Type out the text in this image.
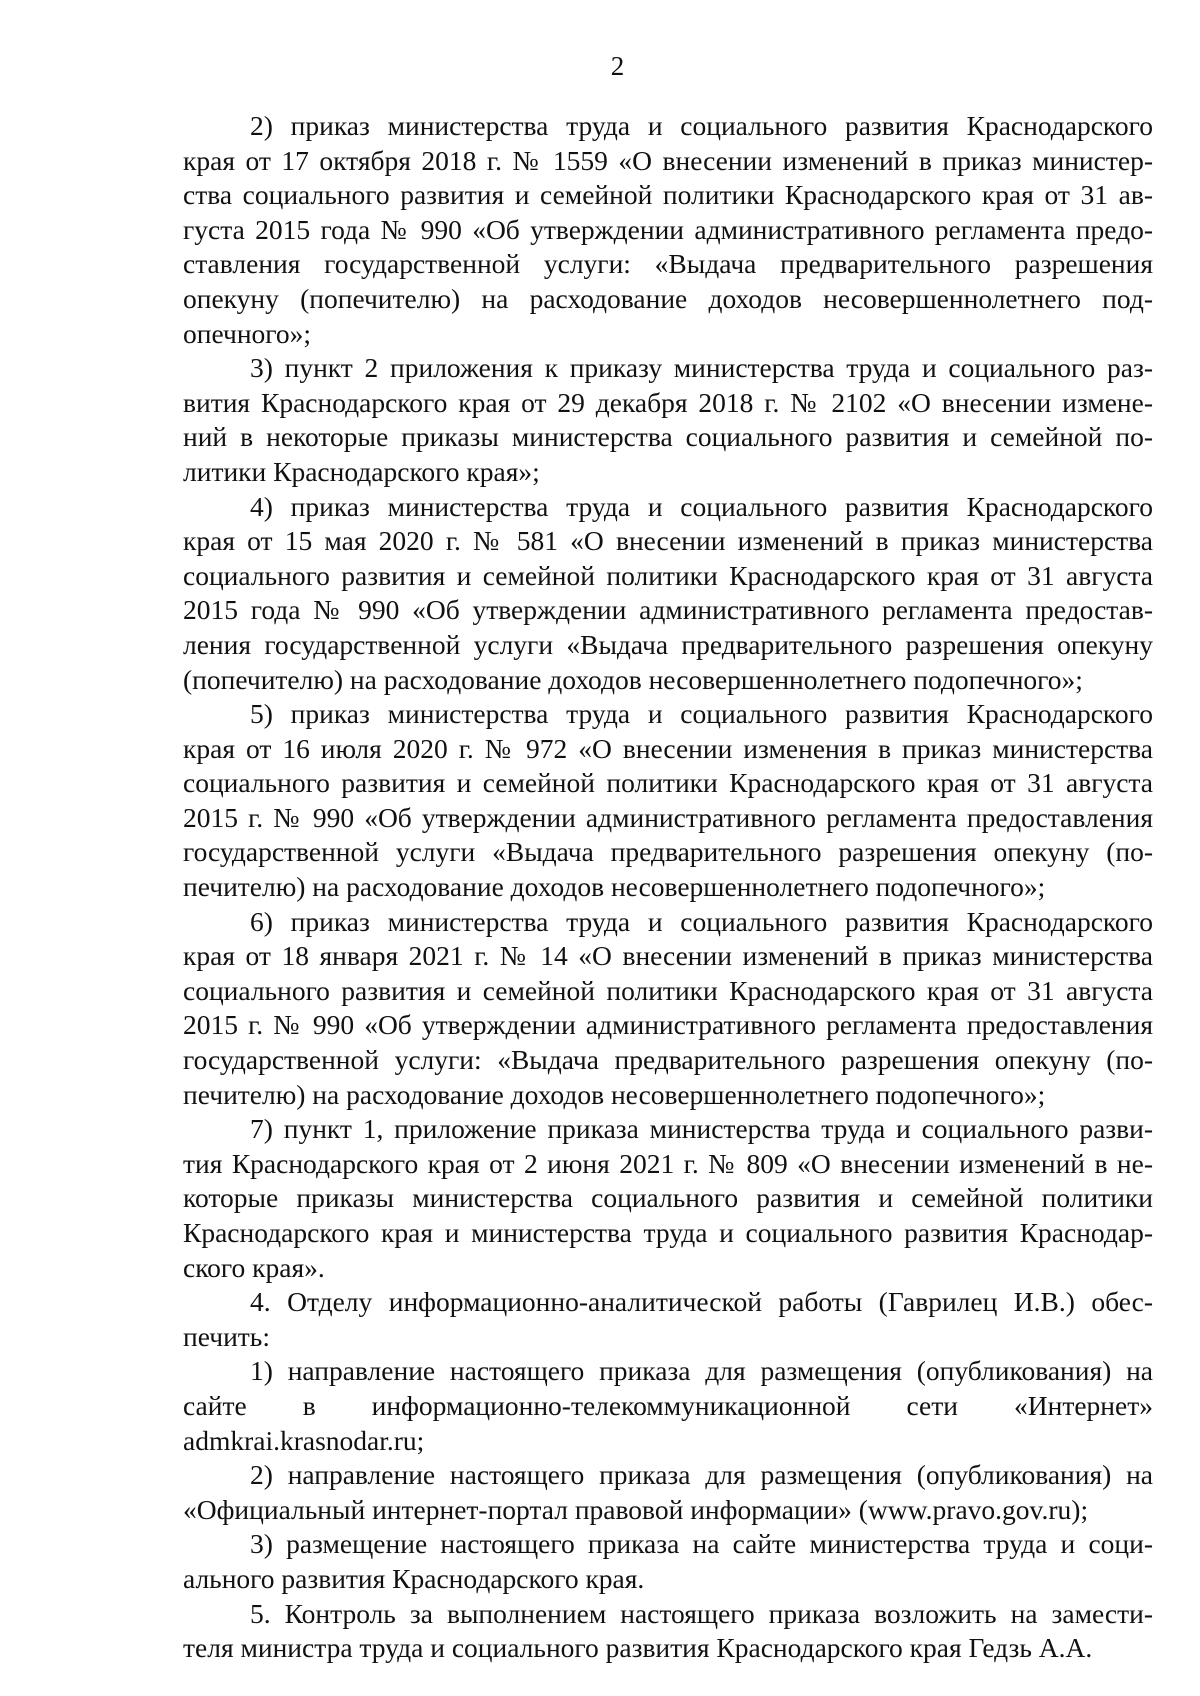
2
2) приказ министерства труда и социального развития Краснодарского
края от 17 октября 2018 г. № 1559 «О внесении изменений в приказ министер-
ства социального развития и семейной политики Краснодарского края от 31 ав-
густа 2015 года № 990 «Об утверждении административного регламента предо-
ставления государственной услуги: «Выдача предварительного разрешения
опекуну (попечителю) на расходование доходов несовершеннолетнего под-
опечного»;
3) пункт 2 приложения к приказу министерства труда и социального раз-
вития Краснодарского края от 29 декабря 2018 г. № 2102 «О внесении измене-
ний в некоторые приказы министерства социального развития и семейной по-
литики Краснодарского края»;
4) приказ министерства труда и социального развития Краснодарского
края от 15 мая 2020 г. № 581 «О внесении изменений в приказ министерства
социального развития и семейной политики Краснодарского края от 31 августа
2015 года № 990 «Об утверждении административного регламента предостав-
ления государственной услуги «Выдача предварительного разрешения опекуну
(попечителю) на расходование доходов несовершеннолетнего подопечного»;
5) приказ министерства труда и социального развития Краснодарского
края от 16 июля 2020 г. № 972 «О внесении изменения в приказ министерства
социального развития и семейной политики Краснодарского края от 31 августа
2015 г. № 990 «Об утверждении административного регламента предоставления
государственной услуги «Выдача предварительного разрешения опекуну (по-
печителю) на расходование доходов несовершеннолетнего подопечного»;
6) приказ министерства труда и социального развития Краснодарского
края от 18 января 2021 г. № 14 «О внесении изменений в приказ министерства
социального развития и семейной политики Краснодарского края от 31 августа
2015 г. № 990 «Об утверждении административного регламента предоставления
государственной услуги: «Выдача предварительного разрешения опекуну (по-
печителю) на расходование доходов несовершеннолетнего подопечного»;
7) пункт 1, приложение приказа министерства труда и социального разви-
тия Краснодарского края от 2 июня 2021 г. № 809 «О внесении изменений в не-
которые приказы министерства социального развития и семейной политики
Краснодарского края и министерства труда и социального развития Краснодар-
ского края».
4. Отделу информационно-аналитической работы (Гаврилец И.В.) обес-
печить:
1) направление настоящего приказа для размещения (опубликования) на
сайте в информационно-телекоммуникационной сети «Интернет»
admkrai.krasnodar.ru;
2) направление настоящего приказа для размещения (опубликования) на
«Официальный интернет-портал правовой информации» (www.pravo.gov.ru);
3) размещение настоящего приказа на сайте министерства труда и соци-
ального развития Краснодарского края.
5. Контроль за выполнением настоящего приказа возложить на замести-
теля министра труда и социального развития Краснодарского края Гедзь А.А.
